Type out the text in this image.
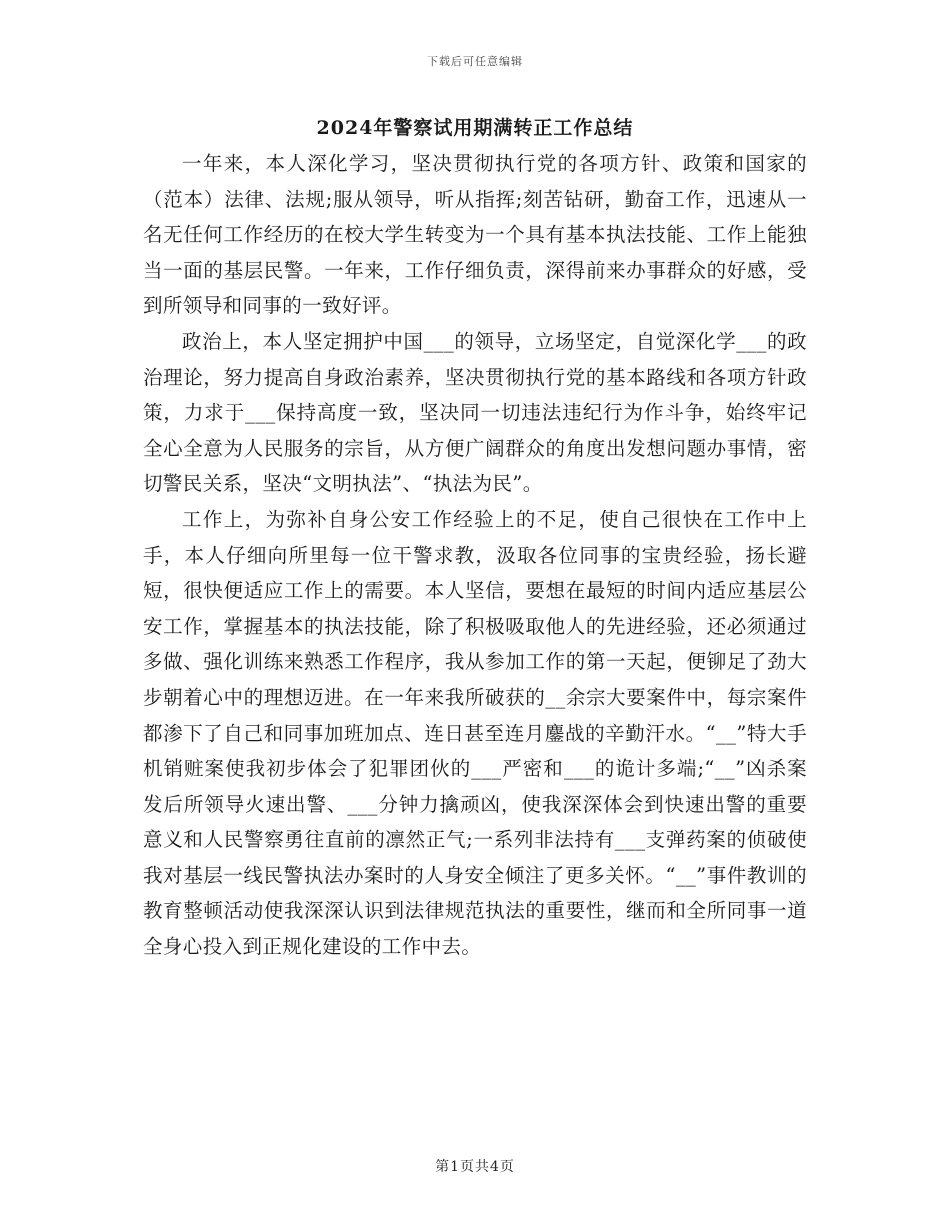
下载后可任意编辑
2024年警察试用期满转正工作总结

一年来，本人深化学习，坚决贯彻执行党的各项方针、政策和国家的（范本）法律、法规;服从领导，听从指挥;刻苦钻研，勤奋工作，迅速从一名无任何工作经历的在校大学生转变为一个具有基本执法技能、工作上能独当一面的基层民警。一年来，工作仔细负责，深得前来办事群众的好感，受到所领导和同事的一致好评。

政治上，本人坚定拥护中国___的领导，立场坚定，自觉深化学___的政治理论，努力提高自身政治素养，坚决贯彻执行党的基本路线和各项方针政策，力求于___保持高度一致，坚决同一切违法违纪行为作斗争，始终牢记全心全意为人民服务的宗旨，从方便广阔群众的角度出发想问题办事情，密切警民关系，坚决“文明执法”、“执法为民”。

工作上，为弥补自身公安工作经验上的不足，使自己很快在工作中上手，本人仔细向所里每一位干警求教，汲取各位同事的宝贵经验，扬长避短，很快便适应工作上的需要。本人坚信，要想在最短的时间内适应基层公安工作，掌握基本的执法技能，除了积极吸取他人的先进经验，还必须通过多做、强化训练来熟悉工作程序，我从参加工作的第一天起，便铆足了劲大步朝着心中的理想迈进。在一年来我所破获的__余宗大要案件中，每宗案件都渗下了自己和同事加班加点、连日甚至连月鏖战的辛勤汗水。“__”特大手机销赃案使我初步体会了犯罪团伙的___严密和___的诡计多端;“__”凶杀案发后所领导火速出警、___分钟力擒顽凶，使我深深体会到快速出警的重要意义和人民警察勇往直前的凛然正气;一系列非法持有___支弹药案的侦破使我对基层一线民警执法办案时的人身安全倾注了更多关怀。“__”事件教训的教育整顿活动使我深深认识到法律规范执法的重要性，继而和全所同事一道全身心投入到正规化建设的工作中去。

第1页共4页
